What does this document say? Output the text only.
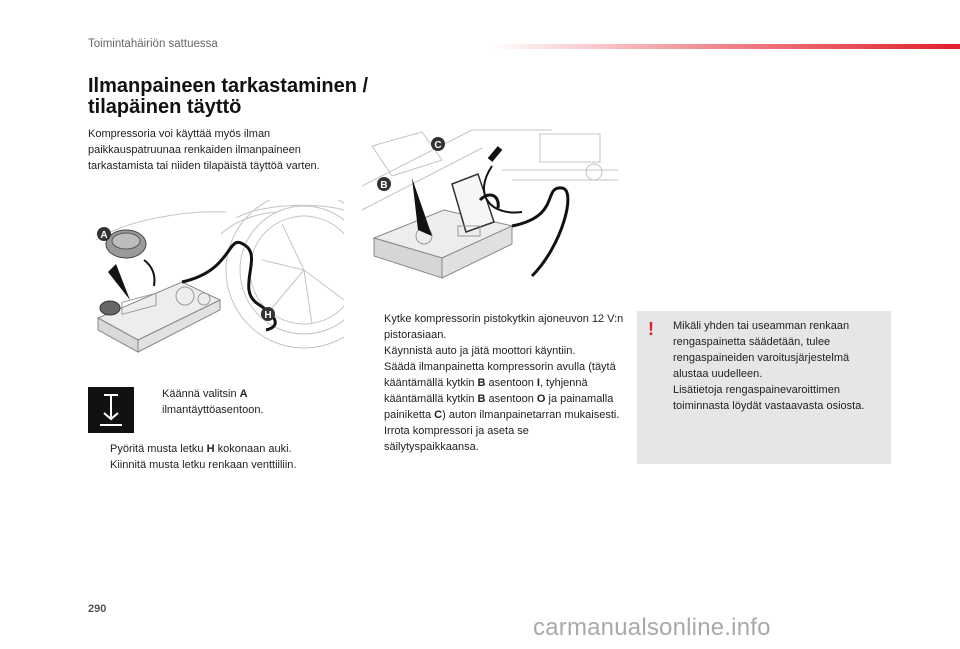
Toimintahäiriön sattuessa
Ilmanpaineen tarkastaminen /
tilapäinen täyttö
Kompressoria voi käyttää myös ilman paikkauspatruunaa renkaiden ilmanpaineen tarkastamista tai niiden tilapäistä täyttöä varten.
A
H
C
B
Käännä valitsin A ilmantäyttöasentoon.
Pyöritä musta letku H kokonaan auki.
Kiinnitä musta letku renkaan venttiiliin.
Kytke kompressorin pistokytkin ajoneuvon 12 V:n pistorasiaan.
Käynnistä auto ja jätä moottori käyntiin.
Säädä ilmanpainetta kompressorin avulla (täytä kääntämällä kytkin B asentoon I, tyhjennä kääntämällä kytkin B asentoon O ja painamalla painiketta C) auton ilmanpainetarran mukaisesti.
Irrota kompressori ja aseta se säilytyspaikkaansa.
! Mikäli yhden tai useamman renkaan rengaspainetta säädetään, tulee rengaspaineiden varoitusjärjestelmä alustaa uudelleen.
Lisätietoja rengaspainevaroittimen toiminnasta löydät vastaavasta osiosta.
290
carmanualsonline.info
